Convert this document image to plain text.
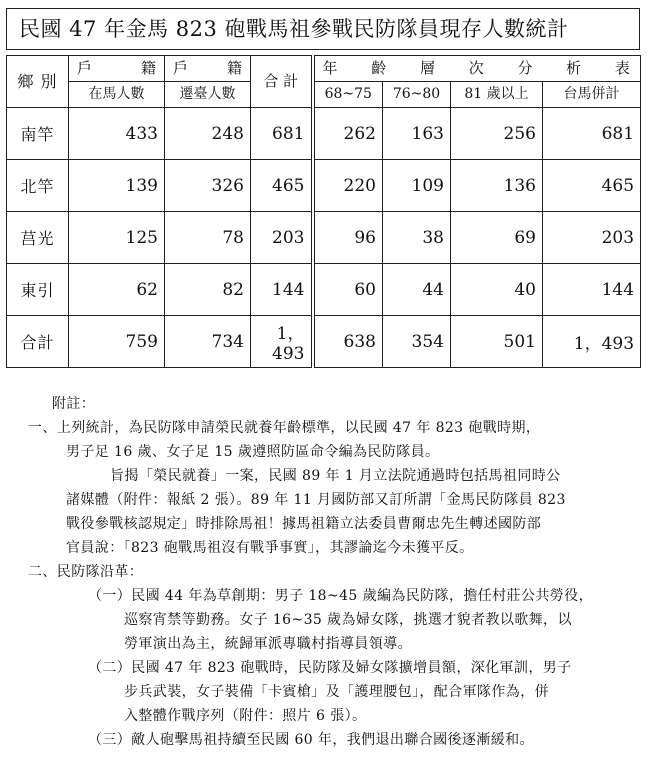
民國 47 年金馬 823 砲戰馬祖參戰民防隊員現存人數統計
鄉 別	戶 籍	戶 籍	合 計	年 齡 層 次 分 析 表			
	在馬人數	遷臺人數		68~75	76~80	81 歲以上	台馬併計
南竿	433	248	681	262	163	256	681
北竿	139	326	465	220	109	136	465
莒光	125	78	203	96	38	69	203
東引	62	82	144	60	44	40	144
合計	759	734	1，493	638	354	501	1，493
附註：
一、上列統計，為民防隊申請榮民就養年齡標準，以民國 47 年 823 砲戰時期，
男子足 16 歲、女子足 15 歲遵照防區命令編為民防隊員。
旨揭「榮民就養」一案，民國 89 年 1 月立法院通過時包括馬祖同時公
諸媒體（附件：報紙 2 張）。89 年 11 月國防部又訂所謂「金馬民防隊員 823
戰役參戰核認規定」時排除馬祖！據馬祖籍立法委員曹爾忠先生轉述國防部
官員說：「823 砲戰馬祖沒有戰爭事實」，其謬論迄今未獲平反。
二、民防隊沿革：
（一）民國 44 年為草創期：男子 18~45 歲編為民防隊，擔任村莊公共勞役，
巡察宵禁等勤務。女子 16~35 歲為婦女隊，挑選才貌者教以歌舞，以
勞軍演出為主，統歸軍派專職村指導員領導。
（二）民國 47 年 823 砲戰時，民防隊及婦女隊擴增員額，深化軍訓，男子
步兵武裝，女子裝備「卡賓槍」及「護理腰包」，配合軍隊作為，併
入整體作戰序列（附件：照片 6 張）。
（三）敵人砲擊馬祖持續至民國 60 年，我們退出聯合國後逐漸緩和。
